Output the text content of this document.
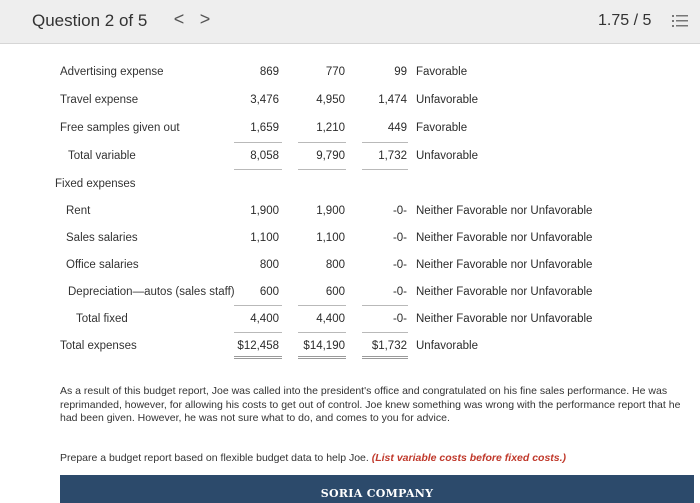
Question 2 of 5 < >	1.75 / 5
Advertising expense	869	770	99 Favorable
Travel expense	3,476	4,950	1,474 Unfavorable
Free samples given out	1,659	1,210	449 Favorable
Total variable	8,058	9,790	1,732 Unfavorable
Fixed expenses
Rent	1,900	1,900	-0- Neither Favorable nor Unfavorable
Sales salaries	1,100	1,100	-0- Neither Favorable nor Unfavorable
Office salaries	800	800	-0- Neither Favorable nor Unfavorable
Depreciation—autos (sales staff) 600	600	-0- Neither Favorable nor Unfavorable
Total fixed	4,400	4,400	-0- Neither Favorable nor Unfavorable
Total expenses	$12,458 $14,190 $1,732 Unfavorable

As a result of this budget report, Joe was called into the president's office and congratulated on his fine sales performance. He was reprimanded, however, for allowing his costs to get out of control. Joe knew something was wrong with the performance report that he had been given. However, he was not sure what to do, and comes to you for advice.

Prepare a budget report based on flexible budget data to help Joe. (List variable costs before fixed costs.)

SORIA COMPANY
